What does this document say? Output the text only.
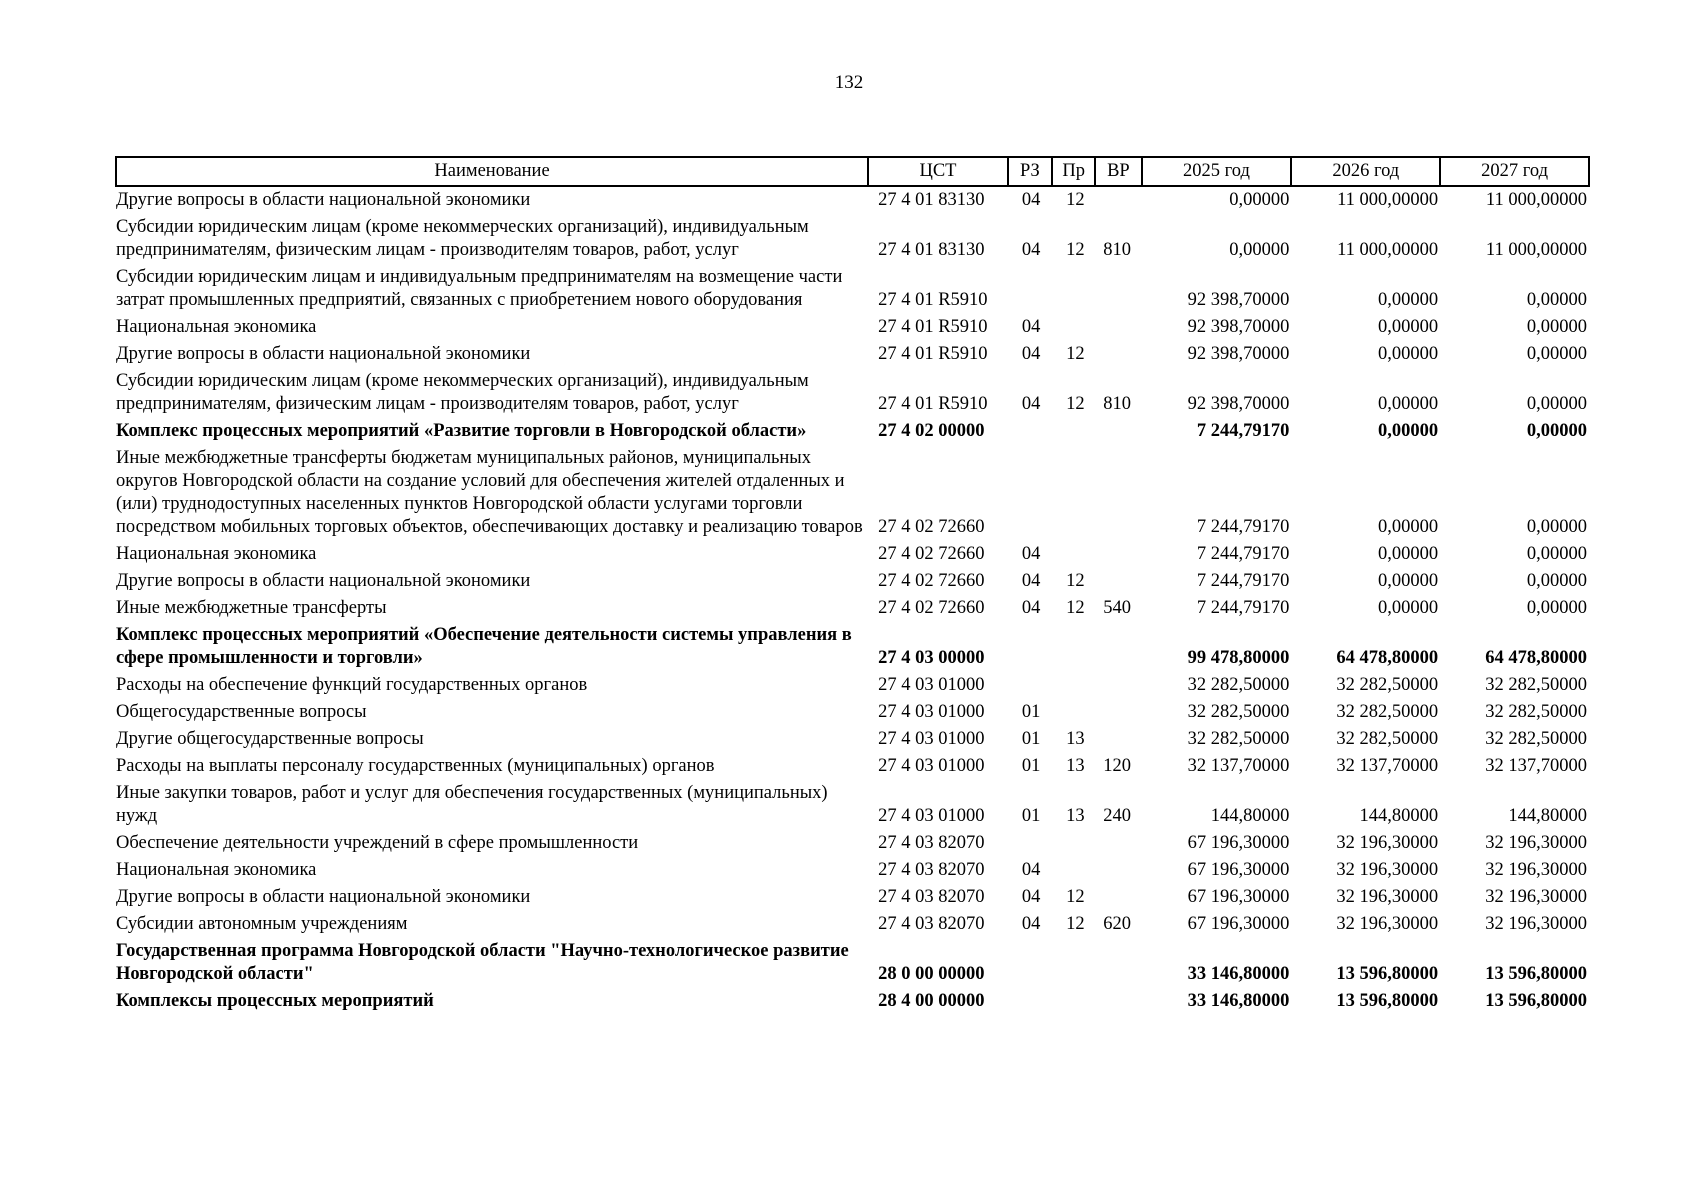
132
Наименование	ЦСТ	РЗ	Пр	ВР	2025 год	2026 год	2027 год
Другие вопросы в области национальной экономики	27 4 01 83130	04	12		0,00000	11 000,00000	11 000,00000
Субсидии юридическим лицам (кроме некоммерческих организаций), индивидуальным предпринимателям, физическим лицам - производителям товаров, работ, услуг	27 4 01 83130	04	12	810	0,00000	11 000,00000	11 000,00000
Субсидии юридическим лицам и индивидуальным предпринимателям на возмещение части затрат промышленных предприятий, связанных с приобретением нового оборудования	27 4 01 R5910				92 398,70000	0,00000	0,00000
Национальная экономика	27 4 01 R5910	04			92 398,70000	0,00000	0,00000
Другие вопросы в области национальной экономики	27 4 01 R5910	04	12		92 398,70000	0,00000	0,00000
Субсидии юридическим лицам (кроме некоммерческих организаций), индивидуальным предпринимателям, физическим лицам - производителям товаров, работ, услуг	27 4 01 R5910	04	12	810	92 398,70000	0,00000	0,00000
Комплекс процессных мероприятий «Развитие торговли в Новгородской области»	27 4 02 00000				7 244,79170	0,00000	0,00000
Иные межбюджетные трансферты бюджетам муниципальных районов, муниципальных округов Новгородской области на создание условий для обеспечения жителей отдаленных и (или) труднодоступных населенных пунктов Новгородской области услугами торговли посредством мобильных торговых объектов, обеспечивающих доставку и реализацию товаров	27 4 02 72660				7 244,79170	0,00000	0,00000
Национальная экономика	27 4 02 72660	04			7 244,79170	0,00000	0,00000
Другие вопросы в области национальной экономики	27 4 02 72660	04	12		7 244,79170	0,00000	0,00000
Иные межбюджетные трансферты	27 4 02 72660	04	12	540	7 244,79170	0,00000	0,00000
Комплекс процессных мероприятий «Обеспечение деятельности системы управления в сфере промышленности и торговли»	27 4 03 00000				99 478,80000	64 478,80000	64 478,80000
Расходы на обеспечение функций государственных органов	27 4 03 01000				32 282,50000	32 282,50000	32 282,50000
Общегосударственные вопросы	27 4 03 01000	01			32 282,50000	32 282,50000	32 282,50000
Другие общегосударственные вопросы	27 4 03 01000	01	13		32 282,50000	32 282,50000	32 282,50000
Расходы на выплаты персоналу государственных (муниципальных) органов	27 4 03 01000	01	13	120	32 137,70000	32 137,70000	32 137,70000
Иные закупки товаров, работ и услуг для обеспечения государственных (муниципальных) нужд	27 4 03 01000	01	13	240	144,80000	144,80000	144,80000
Обеспечение деятельности учреждений в сфере промышленности	27 4 03 82070				67 196,30000	32 196,30000	32 196,30000
Национальная экономика	27 4 03 82070	04			67 196,30000	32 196,30000	32 196,30000
Другие вопросы в области национальной экономики	27 4 03 82070	04	12		67 196,30000	32 196,30000	32 196,30000
Субсидии автономным учреждениям	27 4 03 82070	04	12	620	67 196,30000	32 196,30000	32 196,30000
Государственная программа Новгородской области "Научно-технологическое развитие Новгородской области"	28 0 00 00000				33 146,80000	13 596,80000	13 596,80000
Комплексы процессных мероприятий	28 4 00 00000				33 146,80000	13 596,80000	13 596,80000
